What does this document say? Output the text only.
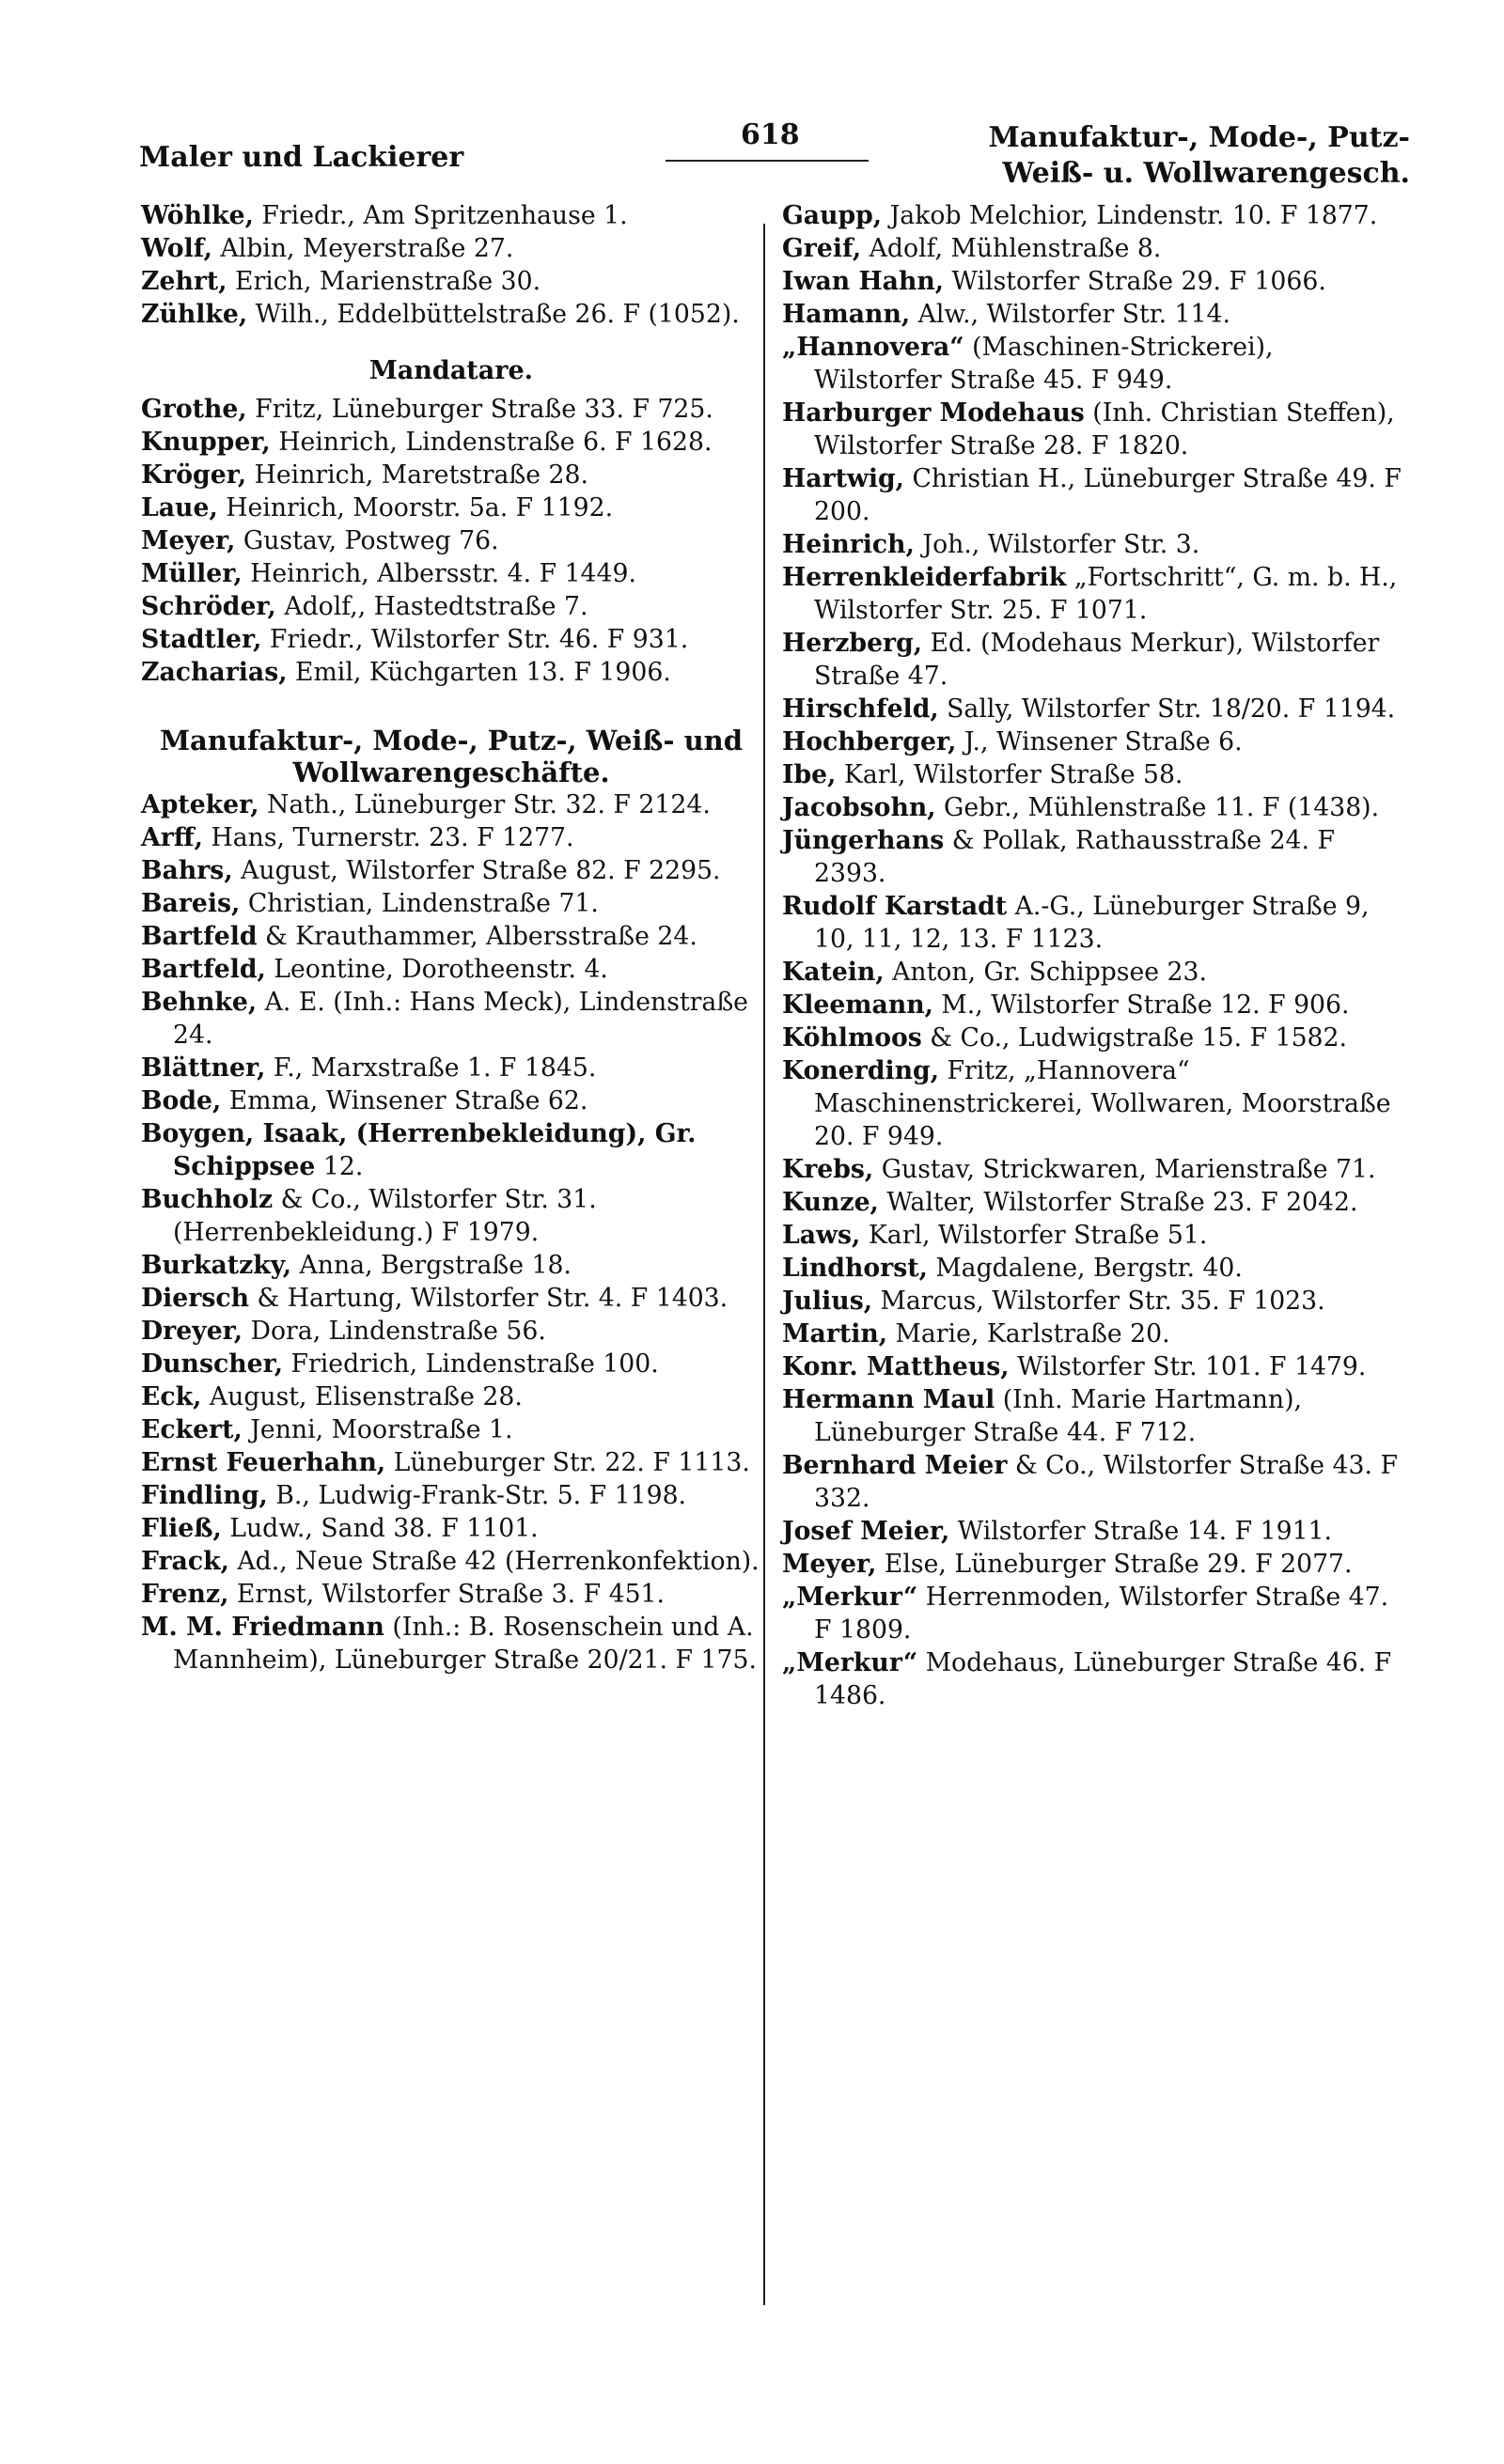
Maler und Lackierer
618	Manufaktur-, Mode-, Putz-
Weiß- u. Wollwarengesch.
Wöhlke, Friedr., Am Spritzenhause 1.
Wolf, Albin, Meyerstraße 27.
Zehrt, Erich, Marienstraße 30.
Zühlke, Wilh., Eddelbüttelstraße 26. F (1052).
Mandatare.
Grothe, Fritz, Lüneburger Straße 33. F 725.
Knupper, Heinrich, Lindenstraße 6. F 1628.
Kröger, Heinrich, Maretstraße 28.
Laue, Heinrich, Moorstr. 5a. F 1192.
Meyer, Gustav, Postweg 76.
Müller, Heinrich, Albersstr. 4. F 1449.
Schröder, Adolf,, Hastedtstraße 7.
Stadtler, Friedr., Wilstorfer Str. 46. F 931.
Zacharias, Emil, Küchgarten 13. F 1906.
Manufaktur-, Mode-, Putz-, Weiß- und Wollwarengeschäfte.
Apteker, Nath., Lüneburger Str. 32. F 2124.
Arff, Hans, Turnerstr. 23. F 1277.
Bahrs, August, Wilstorfer Straße 82. F 2295.
Bareis, Christian, Lindenstraße 71.
Bartfeld & Krauthammer, Albersstraße 24.
Bartfeld, Leontine, Dorotheenstr. 4.
Behnke, A. E. (Inh.: Hans Meck), Lindenstraße 24.
Blättner, F., Marxstraße 1. F 1845.
Bode, Emma, Winsener Straße 62.
Boygen, Isaak, (Herrenbekleidung), Gr. Schippsee 12.
Buchholz & Co., Wilstorfer Str. 31. (Herrenbekleidung.) F 1979.
Burkatzky, Anna, Bergstraße 18.
Diersch & Hartung, Wilstorfer Str. 4. F 1403.
Dreyer, Dora, Lindenstraße 56.
Dunscher, Friedrich, Lindenstraße 100.
Eck, August, Elisenstraße 28.
Eckert, Jenni, Moorstraße 1.
Ernst Feuerhahn, Lüneburger Str. 22. F 1113.
Findling, B., Ludwig-Frank-Str. 5. F 1198.
Fließ, Ludw., Sand 38. F 1101.
Frack, Ad., Neue Straße 42 (Herrenkonfektion).
Frenz, Ernst, Wilstorfer Straße 3. F 451.
M. M. Friedmann (Inh.: B. Rosenschein und A. Mannheim), Lüneburger Straße 20/21. F 175.
Gaupp, Jakob Melchior, Lindenstr. 10. F 1877.
Greif, Adolf, Mühlenstraße 8.
Iwan Hahn, Wilstorfer Straße 29. F 1066.
Hamann, Alw., Wilstorfer Str. 114.
„Hannovera“ (Maschinen-Strickerei), Wilstorfer Straße 45. F 949.
Harburger Modehaus (Inh. Christian Steffen), Wilstorfer Straße 28. F 1820.
Hartwig, Christian H., Lüneburger Straße 49. F 200.
Heinrich, Joh., Wilstorfer Str. 3.
Herrenkleiderfabrik „Fortschritt“, G. m. b. H., Wilstorfer Str. 25. F 1071.
Herzberg, Ed. (Modehaus Merkur), Wilstorfer Straße 47.
Hirschfeld, Sally, Wilstorfer Str. 18/20. F 1194.
Hochberger, J., Winsener Straße 6.
Ibe, Karl, Wilstorfer Straße 58.
Jacobsohn, Gebr., Mühlenstraße 11. F (1438).
Jüngerhans & Pollak, Rathausstraße 24. F 2393.
Rudolf Karstadt A.-G., Lüneburger Straße 9, 10, 11, 12, 13. F 1123.
Katein, Anton, Gr. Schippsee 23.
Kleemann, M., Wilstorfer Straße 12. F 906.
Köhlmoos & Co., Ludwigstraße 15. F 1582.
Konerding, Fritz, „Hannovera“ Maschinenstrickerei, Wollwaren, Moorstraße 20. F 949.
Krebs, Gustav, Strickwaren, Marienstraße 71.
Kunze, Walter, Wilstorfer Straße 23. F 2042.
Laws, Karl, Wilstorfer Straße 51.
Lindhorst, Magdalene, Bergstr. 40.
Julius, Marcus, Wilstorfer Str. 35. F 1023.
Martin, Marie, Karlstraße 20.
Konr. Mattheus, Wilstorfer Str. 101. F 1479.
Hermann Maul (Inh. Marie Hartmann), Lüneburger Straße 44. F 712.
Bernhard Meier & Co., Wilstorfer Straße 43. F 332.
Josef Meier, Wilstorfer Straße 14. F 1911.
Meyer, Else, Lüneburger Straße 29. F 2077.
„Merkur“ Herrenmoden, Wilstorfer Straße 47. F 1809.
„Merkur“ Modehaus, Lüneburger Straße 46. F 1486.
